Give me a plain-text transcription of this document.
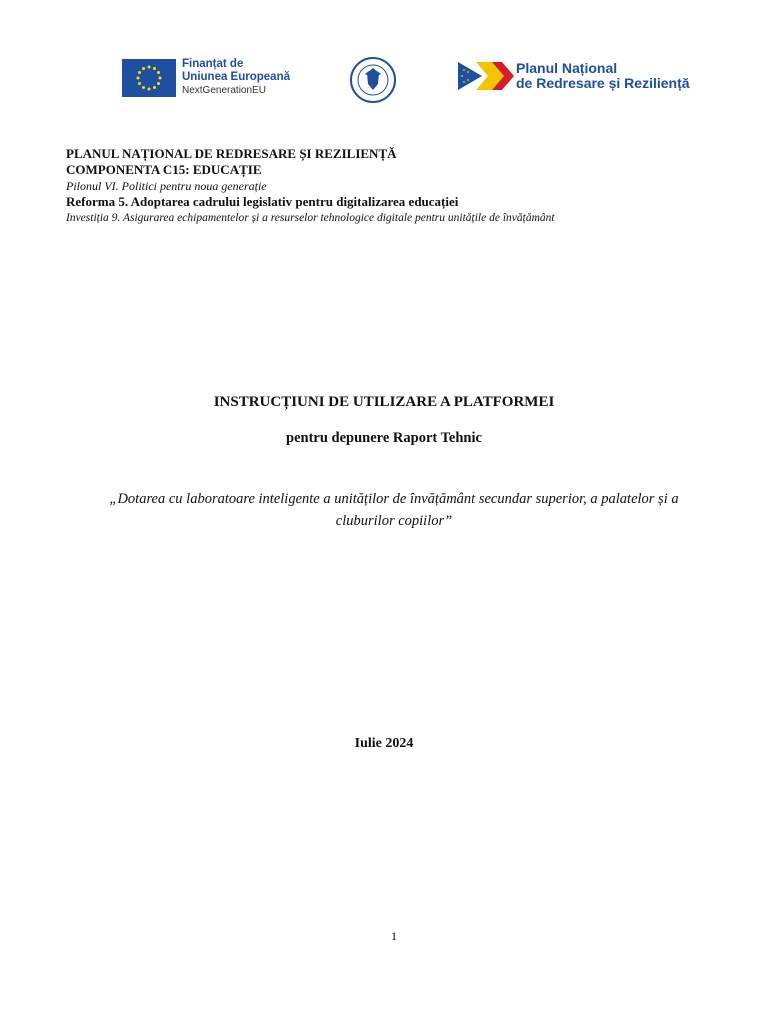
Finanțat de
Uniunea Europeană
NextGenerationEU
Planul Național
de Redresare și Reziliență
PLANUL NAȚIONAL DE REDRESARE ȘI REZILIENȚĂ
COMPONENTA C15: EDUCAȚIE
Pilonul VI. Politici pentru noua generație
Reforma 5. Adoptarea cadrului legislativ pentru digitalizarea educației
Investiția 9. Asigurarea echipamentelor și a resurselor tehnologice digitale pentru unitățile de învățământ
INSTRUCȚIUNI DE UTILIZARE A PLATFORMEI
pentru depunere Raport Tehnic
„Dotarea cu laboratoare inteligente a unităților de învățământ secundar superior, a palatelor și a cluburilor copiilor”
Iulie 2024
1
